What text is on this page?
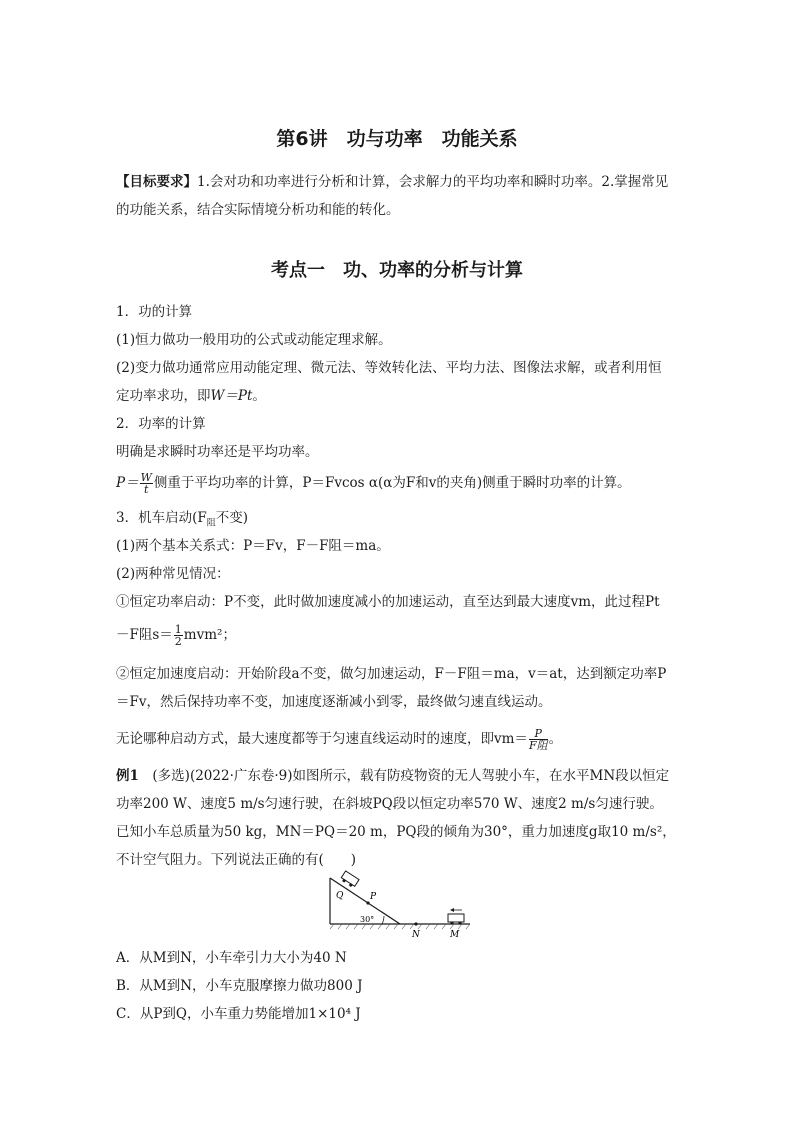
第6讲　功与功率　功能关系
【目标要求】1.会对功和功率进行分析和计算，会求解力的平均功率和瞬时功率。2.掌握常见
的功能关系，结合实际情境分析功和能的转化。
考点一　功、功率的分析与计算
1．功的计算
(1)恒力做功一般用功的公式或动能定理求解。
(2)变力做功通常应用动能定理、微元法、等效转化法、平均力法、图像法求解，或者利用恒
定功率求功，即W＝Pt。
2．功率的计算
明确是求瞬时功率还是平均功率。
$P= \frac{W}{t}$ 侧重于平均功率的计算，P＝Fvcos α(α为F和v的夹角)侧重于瞬时功率的计算。
3．机车启动($F_阻$不变)
(1)两个基本关系式：P＝Fv，F－F阻＝ma。
(2)两种常见情况：
①恒定功率启动：P不变，此时做加速度减小的加速运动，直至达到最大速度vm，此过程Pt
－F阻$s= \frac{1}{2} mvm^2$；
②恒定加速度启动：开始阶段a不变，做匀加速运动，F－F阻＝ma，v＝at，达到额定功率P
＝Fv，然后保持功率不变，加速度逐渐减小到零，最终做匀速直线运动。
无论哪种启动方式，最大速度都等于匀速直线运动时的速度，即$vm= \frac{P}{\text{F阻}}$ 。
例1　(多选)(2022·广东卷·9)如图所示，载有防疫物资的无人驾驶小车，在水平MN段以恒定
功率200 W、速度5 m/s匀速行驶，在斜坡PQ段以恒定功率570 W、速度2 m/s匀速行驶。
已知小车总质量为50 kg，MN＝PQ＝20 m，PQ段的倾角为30°，重力加速度g取10 m/s²，
不计空气阻力。下列说法正确的有(　　)
Q	P
30°
N	M
A．从M到N，小车牵引力大小为40 N
B．从M到N，小车克服摩擦力做功800 J
C．从P到Q，小车重力势能增加1×10⁴ J
